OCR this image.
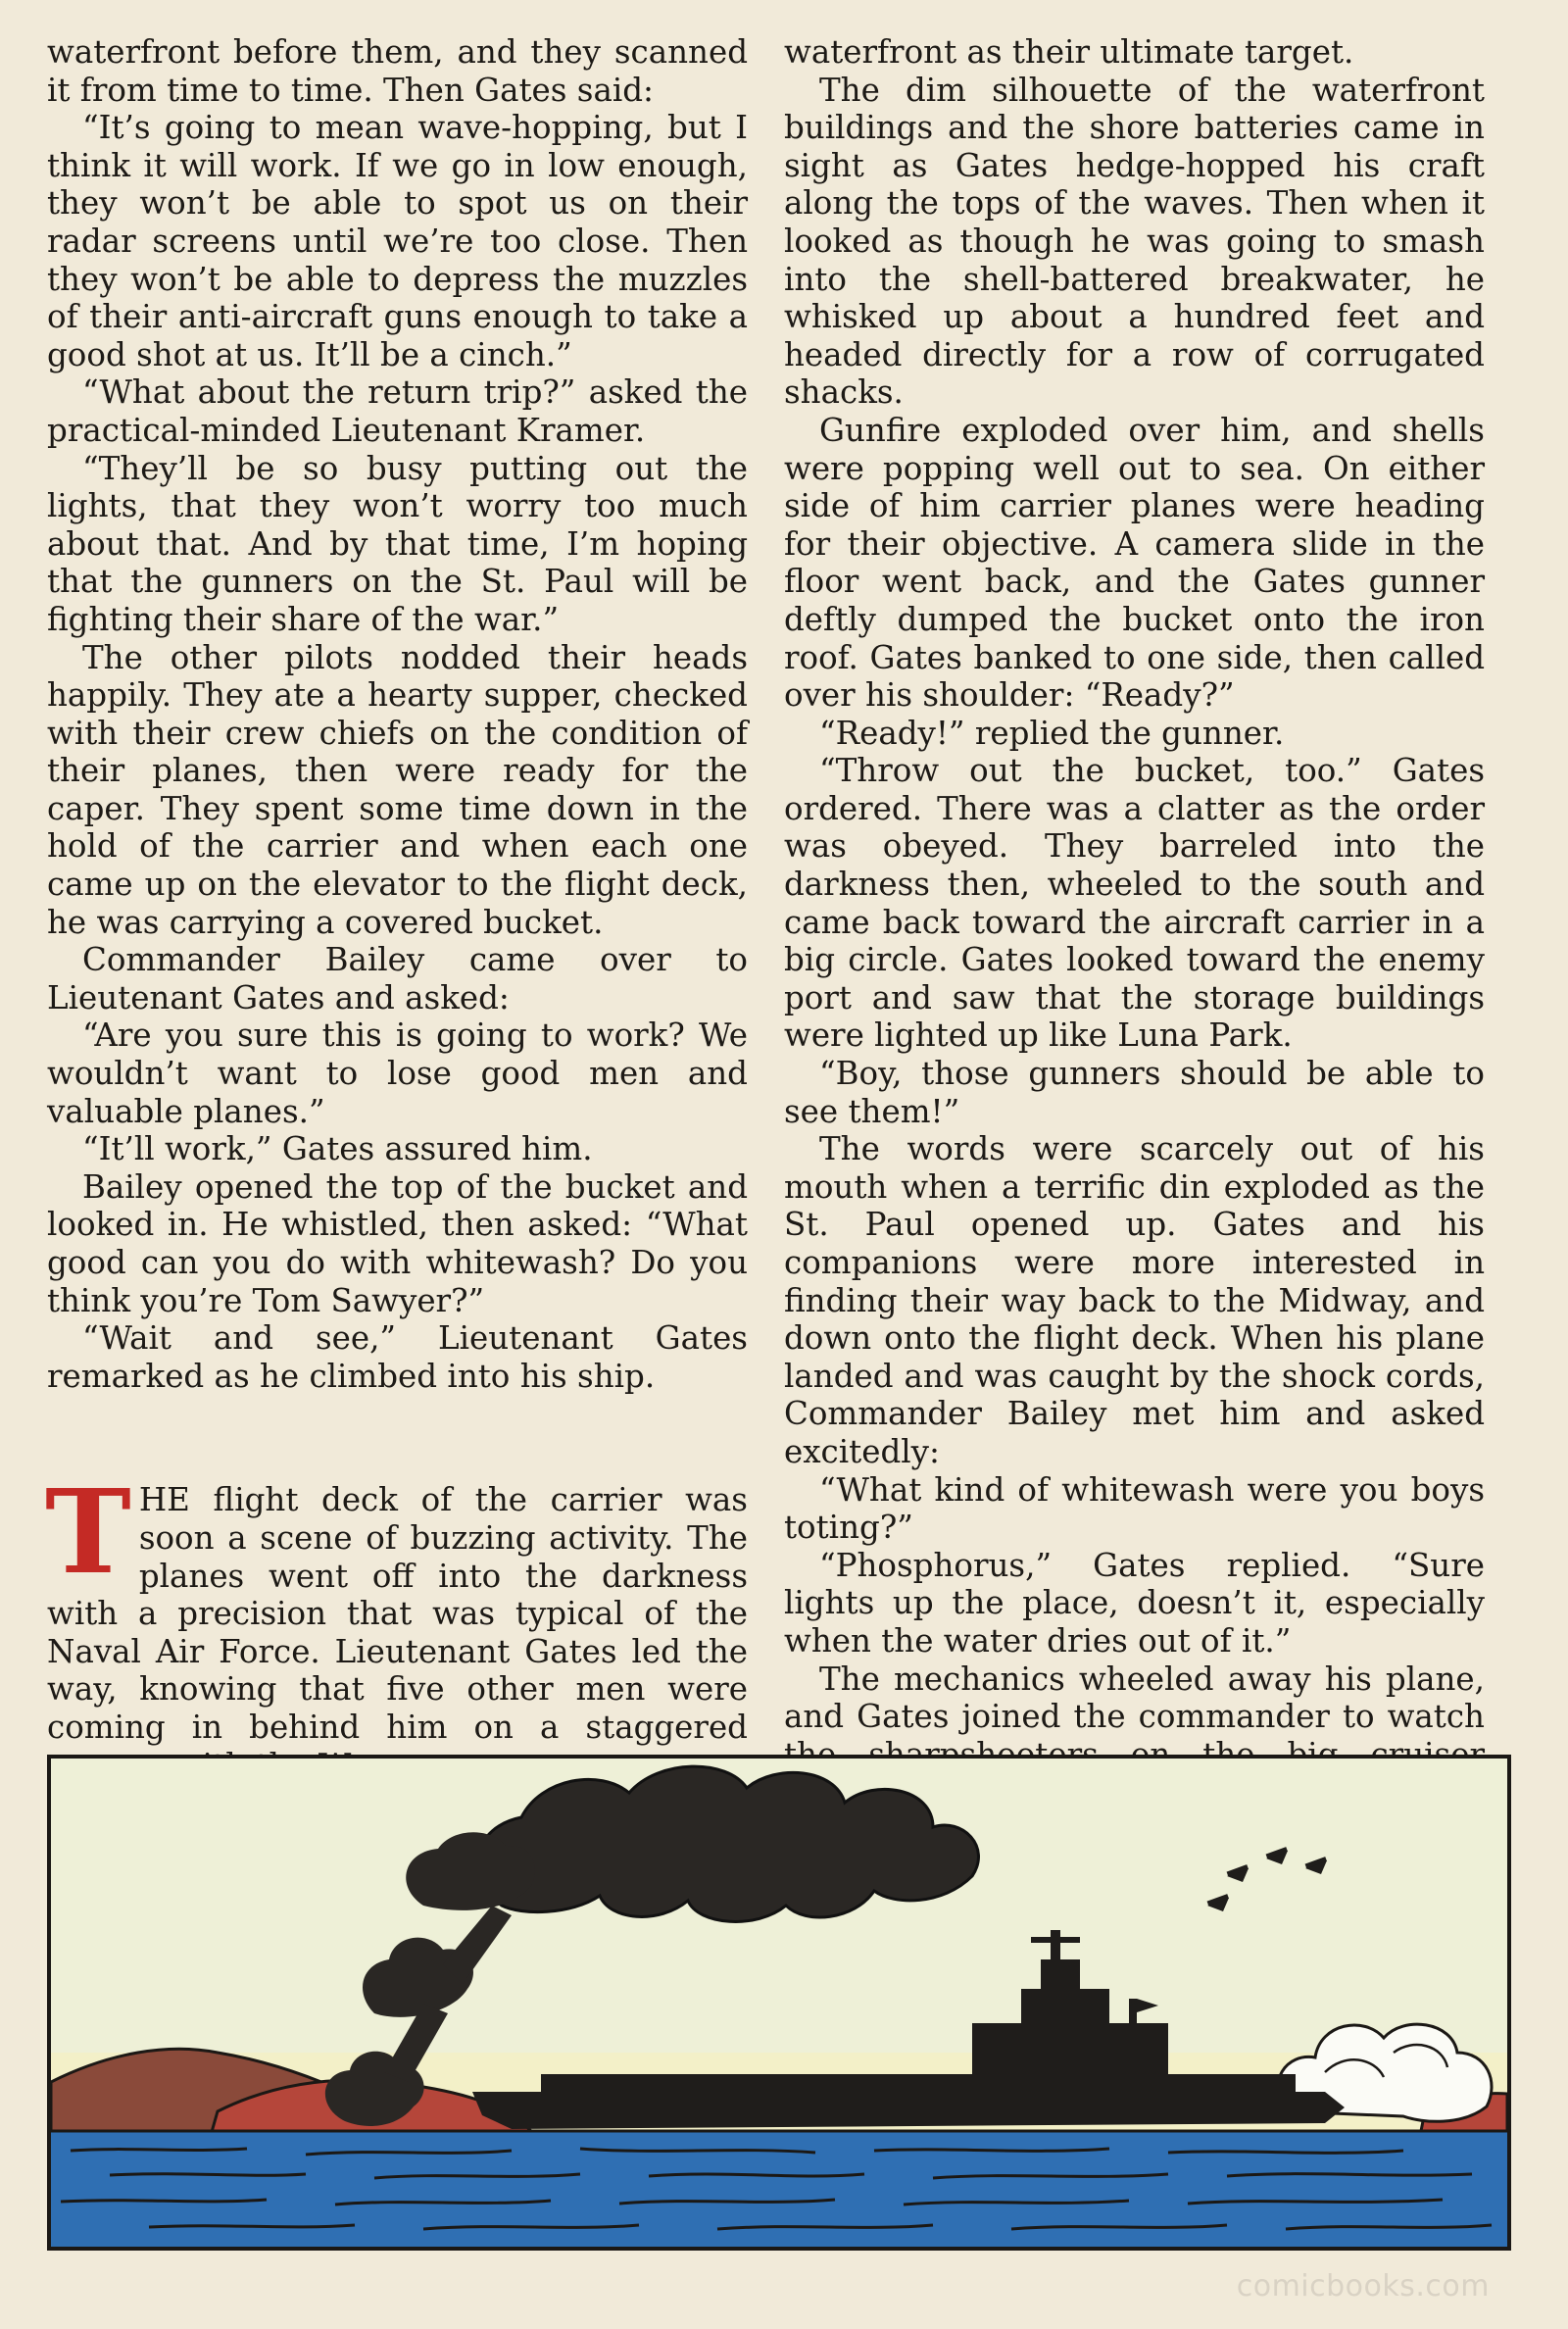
waterfront before them, and they scanned it from time to time. Then Gates said:

“It’s going to mean wave-hopping, but I think it will work. If we go in low enough, they won’t be able to spot us on their radar screens until we’re too close. Then they won’t be able to depress the muzzles of their anti-aircraft guns enough to take a good shot at us. It’ll be a cinch.”

“What about the return trip?” asked the practical-minded Lieutenant Kramer.

“They’ll be so busy putting out the lights, that they won’t worry too much about that. And by that time, I’m hoping that the gunners on the St. Paul will be fighting their share of the war.”

The other pilots nodded their heads happily. They ate a hearty supper, checked with their crew chiefs on the condition of their planes, then were ready for the caper. They spent some time down in the hold of the carrier and when each one came up on the elevator to the flight deck, he was carrying a covered bucket.

Commander Bailey came over to Lieutenant Gates and asked:

“Are you sure this is going to work? We wouldn’t want to lose good men and valuable planes.”

“It’ll work,” Gates assured him.

Bailey opened the top of the bucket and looked in. He whistled, then asked: “What good can you do with whitewash? Do you think you’re Tom Sawyer?”

“Wait and see,” Lieutenant Gates remarked as he climbed into his ship.

THE flight deck of the carrier was soon a scene of buzzing activity. The planes went off into the darkness with a precision that was typical of the Naval Air Force. Lieutenant Gates led the way, knowing that five other men were coming in behind him on a staggered

waterfront as their ultimate target.

The dim silhouette of the waterfront buildings and the shore batteries came in sight as Gates hedge-hopped his craft along the tops of the waves. Then when it looked as though he was going to smash into the shell-battered breakwater, he whisked up about a hundred feet and headed directly for a row of corrugated shacks.

Gunfire exploded over him, and shells were popping well out to sea. On either side of him carrier planes were heading for their objective. A camera slide in the floor went back, and the Gates gunner deftly dumped the bucket onto the iron roof. Gates banked to one side, then called over his shoulder: “Ready?”

“Ready!” replied the gunner.

“Throw out the bucket, too.” Gates ordered. There was a clatter as the order was obeyed. They barreled into the darkness then, wheeled to the south and came back toward the aircraft carrier in a big circle. Gates looked toward the enemy port and saw that the storage buildings were lighted up like Luna Park.

“Boy, those gunners should be able to see them!”

The words were scarcely out of his mouth when a terrific din exploded as the St. Paul opened up. Gates and his companions were more interested in finding their way back to the Midway, and down onto the flight deck. When his plane landed and was caught by the shock cords, Commander Bailey met him and asked excitedly:

“What kind of whitewash were you boys toting?”

“Phosphorus,” Gates replied. “Sure lights up the place, doesn’t it, especially when the water dries out of it.”

The mechanics wheeled away his plane, and Gates joined the commander to watch

comicbooks.com
